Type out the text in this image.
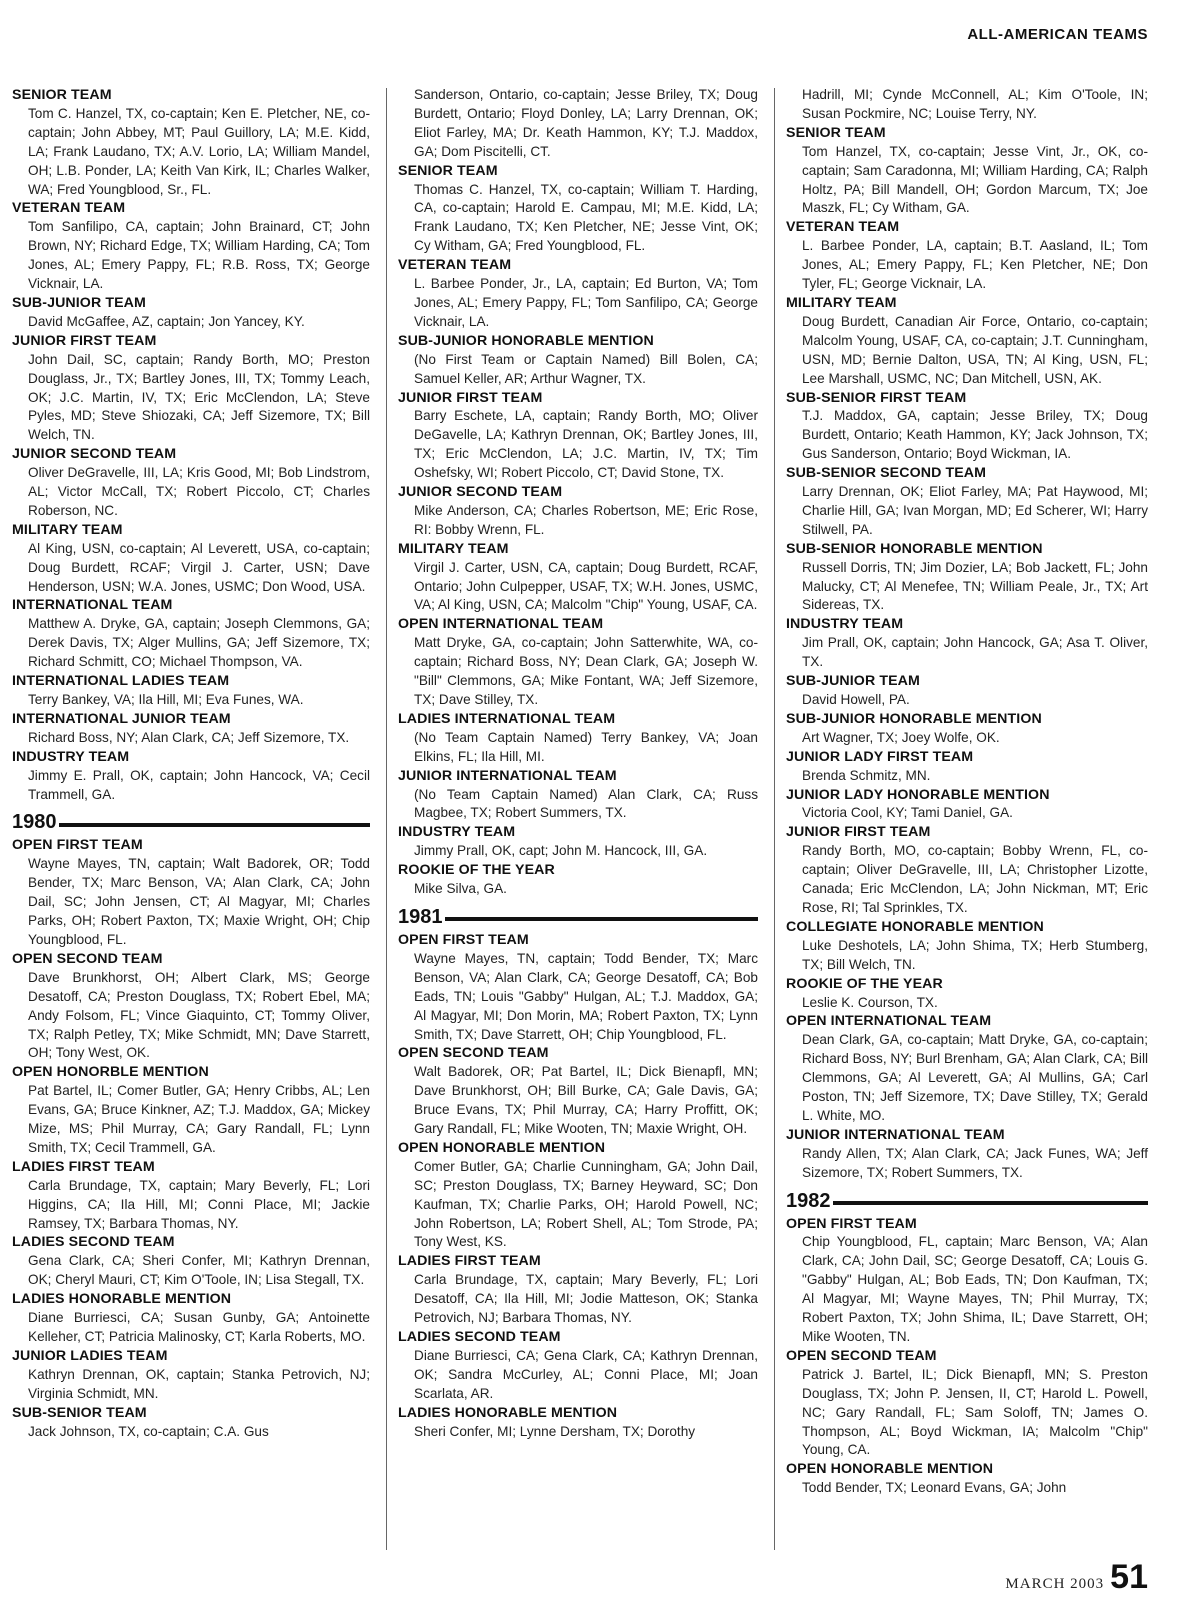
ALL-AMERICAN TEAMS
SENIOR TEAM
Tom C. Hanzel, TX, co-captain; Ken E. Pletcher, NE, co-captain; John Abbey, MT; Paul Guillory, LA; M.E. Kidd, LA; Frank Laudano, TX; A.V. Lorio, LA; William Mandel, OH; L.B. Ponder, LA; Keith Van Kirk, IL; Charles Walker, WA; Fred Youngblood, Sr., FL.
VETERAN TEAM
Tom Sanfilipo, CA, captain; John Brainard, CT; John Brown, NY; Richard Edge, TX; William Harding, CA; Tom Jones, AL; Emery Pappy, FL; R.B. Ross, TX; George Vicknair, LA.
SUB-JUNIOR TEAM
David McGaffee, AZ, captain; Jon Yancey, KY.
JUNIOR FIRST TEAM
John Dail, SC, captain; Randy Borth, MO; Preston Douglass, Jr., TX; Bartley Jones, III, TX; Tommy Leach, OK; J.C. Martin, IV, TX; Eric McClendon, LA; Steve Pyles, MD; Steve Shiozaki, CA; Jeff Sizemore, TX; Bill Welch, TN.
JUNIOR SECOND TEAM
Oliver DeGravelle, III, LA; Kris Good, MI; Bob Lindstrom, AL; Victor McCall, TX; Robert Piccolo, CT; Charles Roberson, NC.
MILITARY TEAM
Al King, USN, co-captain; Al Leverett, USA, co-captain; Doug Burdett, RCAF; Virgil J. Carter, USN; Dave Henderson, USN; W.A. Jones, USMC; Don Wood, USA.
INTERNATIONAL TEAM
Matthew A. Dryke, GA, captain; Joseph Clemmons, GA; Derek Davis, TX; Alger Mullins, GA; Jeff Sizemore, TX; Richard Schmitt, CO; Michael Thompson, VA.
INTERNATIONAL LADIES TEAM
Terry Bankey, VA; Ila Hill, MI; Eva Funes, WA.
INTERNATIONAL JUNIOR TEAM
Richard Boss, NY; Alan Clark, CA; Jeff Sizemore, TX.
INDUSTRY TEAM
Jimmy E. Prall, OK, captain; John Hancock, VA; Cecil Trammell, GA.
1980
OPEN FIRST TEAM
Wayne Mayes, TN, captain; Walt Badorek, OR; Todd Bender, TX; Marc Benson, VA; Alan Clark, CA; John Dail, SC; John Jensen, CT; Al Magyar, MI; Charles Parks, OH; Robert Paxton, TX; Maxie Wright, OH; Chip Youngblood, FL.
OPEN SECOND TEAM
Dave Brunkhorst, OH; Albert Clark, MS; George Desatoff, CA; Preston Douglass, TX; Robert Ebel, MA; Andy Folsom, FL; Vince Giaquinto, CT; Tommy Oliver, TX; Ralph Petley, TX; Mike Schmidt, MN; Dave Starrett, OH; Tony West, OK.
OPEN HONORBLE MENTION
Pat Bartel, IL; Comer Butler, GA; Henry Cribbs, AL; Len Evans, GA; Bruce Kinkner, AZ; T.J. Maddox, GA; Mickey Mize, MS; Phil Murray, CA; Gary Randall, FL; Lynn Smith, TX; Cecil Trammell, GA.
LADIES FIRST TEAM
Carla Brundage, TX, captain; Mary Beverly, FL; Lori Higgins, CA; Ila Hill, MI; Conni Place, MI; Jackie Ramsey, TX; Barbara Thomas, NY.
LADIES SECOND TEAM
Gena Clark, CA; Sheri Confer, MI; Kathryn Drennan, OK; Cheryl Mauri, CT; Kim O'Toole, IN; Lisa Stegall, TX.
LADIES HONORABLE MENTION
Diane Burriesci, CA; Susan Gunby, GA; Antoinette Kelleher, CT; Patricia Malinosky, CT; Karla Roberts, MO.
JUNIOR LADIES TEAM
Kathryn Drennan, OK, captain; Stanka Petrovich, NJ; Virginia Schmidt, MN.
SUB-SENIOR TEAM
Jack Johnson, TX, co-captain; C.A. Gus
Sanderson, Ontario, co-captain; Jesse Briley, TX; Doug Burdett, Ontario; Floyd Donley, LA; Larry Drennan, OK; Eliot Farley, MA; Dr. Keath Hammon, KY; T.J. Maddox, GA; Dom Piscitelli, CT.
SENIOR TEAM
Thomas C. Hanzel, TX, co-captain; William T. Harding, CA, co-captain; Harold E. Campau, MI; M.E. Kidd, LA; Frank Laudano, TX; Ken Pletcher, NE; Jesse Vint, OK; Cy Witham, GA; Fred Youngblood, FL.
VETERAN TEAM
L. Barbee Ponder, Jr., LA, captain; Ed Burton, VA; Tom Jones, AL; Emery Pappy, FL; Tom Sanfilipo, CA; George Vicknair, LA.
SUB-JUNIOR HONORABLE MENTION
(No First Team or Captain Named) Bill Bolen, CA; Samuel Keller, AR; Arthur Wagner, TX.
JUNIOR FIRST TEAM
Barry Eschete, LA, captain; Randy Borth, MO; Oliver DeGavelle, LA; Kathryn Drennan, OK; Bartley Jones, III, TX; Eric McClendon, LA; J.C. Martin, IV, TX; Tim Oshefsky, WI; Robert Piccolo, CT; David Stone, TX.
JUNIOR SECOND TEAM
Mike Anderson, CA; Charles Robertson, ME; Eric Rose, RI: Bobby Wrenn, FL.
MILITARY TEAM
Virgil J. Carter, USN, CA, captain; Doug Burdett, RCAF, Ontario; John Culpepper, USAF, TX; W.H. Jones, USMC, VA; Al King, USN, CA; Malcolm "Chip" Young, USAF, CA.
OPEN INTERNATIONAL TEAM
Matt Dryke, GA, co-captain; John Satterwhite, WA, co-captain; Richard Boss, NY; Dean Clark, GA; Joseph W. "Bill" Clemmons, GA; Mike Fontant, WA; Jeff Sizemore, TX; Dave Stilley, TX.
LADIES INTERNATIONAL TEAM
(No Team Captain Named) Terry Bankey, VA; Joan Elkins, FL; Ila Hill, MI.
JUNIOR INTERNATIONAL TEAM
(No Team Captain Named) Alan Clark, CA; Russ Magbee, TX; Robert Summers, TX.
INDUSTRY TEAM
Jimmy Prall, OK, capt; John M. Hancock, III, GA.
ROOKIE OF THE YEAR
Mike Silva, GA.
1981
OPEN FIRST TEAM
Wayne Mayes, TN, captain; Todd Bender, TX; Marc Benson, VA; Alan Clark, CA; George Desatoff, CA; Bob Eads, TN; Louis "Gabby" Hulgan, AL; T.J. Maddox, GA; Al Magyar, MI; Don Morin, MA; Robert Paxton, TX; Lynn Smith, TX; Dave Starrett, OH; Chip Youngblood, FL.
OPEN SECOND TEAM
Walt Badorek, OR; Pat Bartel, IL; Dick Bienapfl, MN; Dave Brunkhorst, OH; Bill Burke, CA; Gale Davis, GA; Bruce Evans, TX; Phil Murray, CA; Harry Proffitt, OK; Gary Randall, FL; Mike Wooten, TN; Maxie Wright, OH.
OPEN HONORABLE MENTION
Comer Butler, GA; Charlie Cunningham, GA; John Dail, SC; Preston Douglass, TX; Barney Heyward, SC; Don Kaufman, TX; Charlie Parks, OH; Harold Powell, NC; John Robertson, LA; Robert Shell, AL; Tom Strode, PA; Tony West, KS.
LADIES FIRST TEAM
Carla Brundage, TX, captain; Mary Beverly, FL; Lori Desatoff, CA; Ila Hill, MI; Jodie Matteson, OK; Stanka Petrovich, NJ; Barbara Thomas, NY.
LADIES SECOND TEAM
Diane Burriesci, CA; Gena Clark, CA; Kathryn Drennan, OK; Sandra McCurley, AL; Conni Place, MI; Joan Scarlata, AR.
LADIES HONORABLE MENTION
Sheri Confer, MI; Lynne Dersham, TX; Dorothy
Hadrill, MI; Cynde McConnell, AL; Kim O'Toole, IN; Susan Pockmire, NC; Louise Terry, NY.
SENIOR TEAM
Tom Hanzel, TX, co-captain; Jesse Vint, Jr., OK, co-captain; Sam Caradonna, MI; William Harding, CA; Ralph Holtz, PA; Bill Mandell, OH; Gordon Marcum, TX; Joe Maszk, FL; Cy Witham, GA.
VETERAN TEAM
L. Barbee Ponder, LA, captain; B.T. Aasland, IL; Tom Jones, AL; Emery Pappy, FL; Ken Pletcher, NE; Don Tyler, FL; George Vicknair, LA.
MILITARY TEAM
Doug Burdett, Canadian Air Force, Ontario, co-captain; Malcolm Young, USAF, CA, co-captain; J.T. Cunningham, USN, MD; Bernie Dalton, USA, TN; Al King, USN, FL; Lee Marshall, USMC, NC; Dan Mitchell, USN, AK.
SUB-SENIOR FIRST TEAM
T.J. Maddox, GA, captain; Jesse Briley, TX; Doug Burdett, Ontario; Keath Hammon, KY; Jack Johnson, TX; Gus Sanderson, Ontario; Boyd Wickman, IA.
SUB-SENIOR SECOND TEAM
Larry Drennan, OK; Eliot Farley, MA; Pat Haywood, MI; Charlie Hill, GA; Ivan Morgan, MD; Ed Scherer, WI; Harry Stilwell, PA.
SUB-SENIOR HONORABLE MENTION
Russell Dorris, TN; Jim Dozier, LA; Bob Jackett, FL; John Malucky, CT; Al Menefee, TN; William Peale, Jr., TX; Art Sidereas, TX.
INDUSTRY TEAM
Jim Prall, OK, captain; John Hancock, GA; Asa T. Oliver, TX.
SUB-JUNIOR TEAM
David Howell, PA.
SUB-JUNIOR HONORABLE MENTION
Art Wagner, TX; Joey Wolfe, OK.
JUNIOR LADY FIRST TEAM
Brenda Schmitz, MN.
JUNIOR LADY HONORABLE MENTION
Victoria Cool, KY; Tami Daniel, GA.
JUNIOR FIRST TEAM
Randy Borth, MO, co-captain; Bobby Wrenn, FL, co-captain; Oliver DeGravelle, III, LA; Christopher Lizotte, Canada; Eric McClendon, LA; John Nickman, MT; Eric Rose, RI; Tal Sprinkles, TX.
COLLEGIATE HONORABLE MENTION
Luke Deshotels, LA; John Shima, TX; Herb Stumberg, TX; Bill Welch, TN.
ROOKIE OF THE YEAR
Leslie K. Courson, TX.
OPEN INTERNATIONAL TEAM
Dean Clark, GA, co-captain; Matt Dryke, GA, co-captain; Richard Boss, NY; Burl Brenham, GA; Alan Clark, CA; Bill Clemmons, GA; Al Leverett, GA; Al Mullins, GA; Carl Poston, TN; Jeff Sizemore, TX; Dave Stilley, TX; Gerald L. White, MO.
JUNIOR INTERNATIONAL TEAM
Randy Allen, TX; Alan Clark, CA; Jack Funes, WA; Jeff Sizemore, TX; Robert Summers, TX.
1982
OPEN FIRST TEAM
Chip Youngblood, FL, captain; Marc Benson, VA; Alan Clark, CA; John Dail, SC; George Desatoff, CA; Louis G. "Gabby" Hulgan, AL; Bob Eads, TN; Don Kaufman, TX; Al Magyar, MI; Wayne Mayes, TN; Phil Murray, TX; Robert Paxton, TX; John Shima, IL; Dave Starrett, OH; Mike Wooten, TN.
OPEN SECOND TEAM
Patrick J. Bartel, IL; Dick Bienapfl, MN; S. Preston Douglass, TX; John P. Jensen, II, CT; Harold L. Powell, NC; Gary Randall, FL; Sam Soloff, TN; James O. Thompson, AL; Boyd Wickman, IA; Malcolm "Chip" Young, CA.
OPEN HONORABLE MENTION
Todd Bender, TX; Leonard Evans, GA; John
MARCH 2003 51
